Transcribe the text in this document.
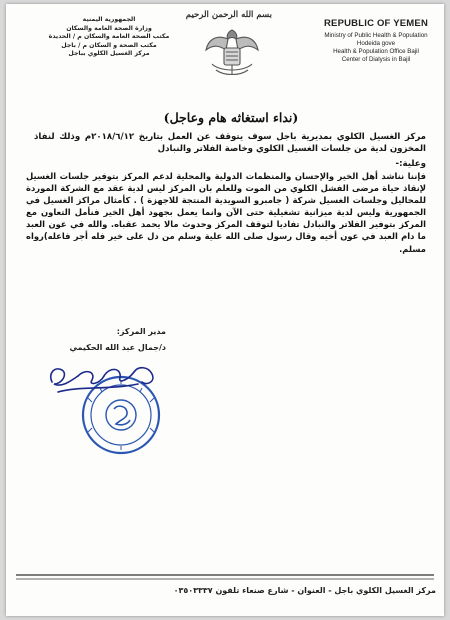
الجمهورية اليمنية
وزارة الصحة العامة والسكان
مكتب الصحة العامة والسكان م / الحديدة
مكتب الصحة و السكان م / باجل
مركز الغسيل الكلوي بباجل
بسم الله الرحمن الرحيم
REPUBLIC OF YEMEN
Ministry of Public Health & Population
Hodeida gove
Health & Population Office Bajil
Center of Dialysis in Bajil
(نداء استغاثه هام وعاجل)
مركز الغسيل الكلوي بمديرية باجل سوف يتوقف عن العمل بتاريخ ٢٠١٨/٦/١٢م وذلك لنفاذ المخزون لدية من جلسات الغسيل الكلوي وخاصة الفلاتر والنبادل
وعلية:-
فإننا نناشد أهل الخير والإحسان والمنظمات الدولية والمحلية لدعم المركز بتوفير جلسات الغسيل لإنقاذ حياة مرضى الفشل الكلوي من الموت وللعلم بان المركز ليس لدية عقد مع الشركة الموردة للمحاليل وجلسات الغسيل شركة ( جامبرو السويدية المنتجة للاجهزة ) . كأمثال مراكز الغسيل في الجمهورية وليس لدية ميزانية تشغيلية حتى الآن وانما يعمل بجهود أهل الخير فنأمل التعاون مع المركز بتوفير الفلاتر والنبادل تفاديا لتوقف المركز وحدوث مالا يحمد عقباه. والله في عون العبد ما دام العبد في عون أخيه وقال رسول صلى الله علية وسلم من دل على خير فله أجر فاعله)رواه مسلم.
مدير المركز:
د/جمال عبد الله الحكيمي
مركز الغسيل الكلوي باجل - العنوان - شارع صنعاء تلفون ٠٣٥٠٣٣٣٧
